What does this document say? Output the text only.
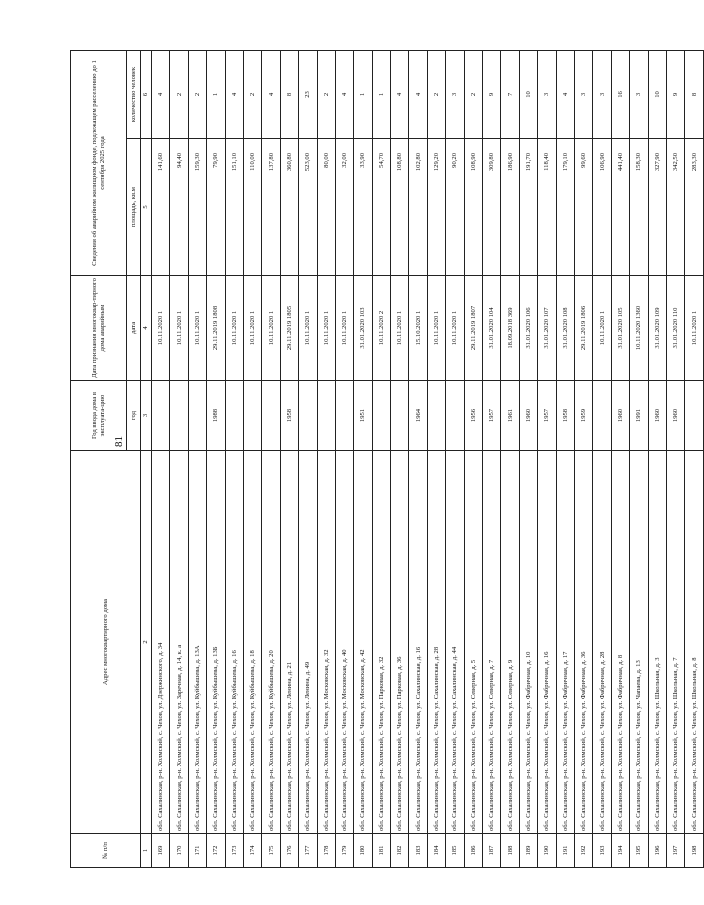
81
№ п/п	Адрес многоквартирного дома	Год ввода дома в эксплуата-цию	Дата признания многоквар-тирного дома аварийным	Сведения об аварийном жилищном фонде, подлежащем расселению до 1 сентября 2025 года	
		год	дата	площадь, кв.м	количество человек
1	2	3	4	5	6
169	обл. Сахалинская, р-н. Холмский, с. Чехов, ул. Дзержинского, д. 34		10.11.2020 1	141,60	4
170	обл. Сахалинская, р-н. Холмский, с. Чехов, ул. Заречная, д. 14, к. а		10.11.2020 1	94,40	2
171	обл. Сахалинская, р-н. Холмский, с. Чехов, ул. Куйбышева, д. 13А		10.11.2020 1	159,30	2
172	обл. Сахалинская, р-н. Холмский, с. Чехов, ул. Куйбышева, д. 13Б	1988	29.11.2019 1808	79,90	1
173	обл. Сахалинская, р-н. Холмский, с. Чехов, ул. Куйбышева, д. 16		10.11.2020 1	151,10	4
174	обл. Сахалинская, р-н. Холмский, с. Чехов, ул. Куйбышева, д. 18		10.11.2020 1	110,00	2
175	обл. Сахалинская, р-н. Холмский, с. Чехов, ул. Куйбышева, д. 20		10.11.2020 1	137,80	4
176	обл. Сахалинская, р-н. Холмский, с. Чехов, ул. Ленина, д. 21	1958	29.11.2019 1805	360,80	8
177	обл. Сахалинская, р-н. Холмский, с. Чехов, ул. Ленина, д. 49		10.11.2020 1	523,00	23
178	обл. Сахалинская, р-н. Холмский, с. Чехов, ул. Московская, д. 32		10.11.2020 1	80,00	2
179	обл. Сахалинская, р-н. Холмский, с. Чехов, ул. Московская, д. 40		10.11.2020 1	32,00	4
180	обл. Сахалинская, р-н. Холмский, с. Чехов, ул. Московская, д. 42	1951	31.01.2020 103	33,90	1
181	обл. Сахалинская, р-н. Холмский, с. Чехов, ул. Парковая, д. 32		10.11.2020 2	54,70	1
182	обл. Сахалинская, р-н. Холмский, с. Чехов, ул. Парковая, д. 36		10.11.2020 1	108,80	4
183	обл. Сахалинская, р-н. Холмский, с. Чехов, ул. Сахалинская, д. 16	1964	15.10.2020 1	102,80	4
184	обл. Сахалинская, р-н. Холмский, с. Чехов, ул. Сахалинская, д. 28		10.11.2020 1	129,20	2
185	обл. Сахалинская, р-н. Холмский, с. Чехов, ул. Сахалинская, д. 44		10.11.2020 1	90,20	3
186	обл. Сахалинская, р-н. Холмский, с. Чехов, ул. Северная, д. 5	1956	29.11.2019 1807	108,90	2
187	обл. Сахалинская, р-н. Холмский, с. Чехов, ул. Северная, д. 7	1957	31.01.2020 104	309,80	9
188	обл. Сахалинская, р-н. Холмский, с. Чехов, ул. Северная, д. 9	1961	18.09.2018 369	186,90	7
189	обл. Сахалинская, р-н. Холмский, с. Чехов, ул. Фабричная, д. 10	1960	31.01.2020 106	191,70	10
190	обл. Сахалинская, р-н. Холмский, с. Чехов, ул. Фабричная, д. 16	1957	31.01.2020 107	118,40	3
191	обл. Сахалинская, р-н. Холмский, с. Чехов, ул. Фабричная, д. 17	1958	31.01.2020 108	179,10	4
192	обл. Сахалинская, р-н. Холмский, с. Чехов, ул. Фабричная, д. 36	1959	29.11.2019 1806	99,60	3
193	обл. Сахалинская, р-н. Холмский, с. Чехов, ул. Фабричная, д. 28		10.11.2020 1	106,90	3
194	обл. Сахалинская, р-н. Холмский, с. Чехов, ул. Фабричная, д. 8	1960	31.01.2020 105	441,40	16
195	обл. Сахалинская, р-н. Холмский, с. Чехов, ул. Чапаева, д. 13	1991	10.11.2020 1360	158,30	3
196	обл. Сахалинская, р-н. Холмский, с. Чехов, ул. Школьная, д. 3	1960	31.01.2020 109	327,90	10
197	обл. Сахалинская, р-н. Холмский, с. Чехов, ул. Школьная, д. 7	1960	31.01.2020 110	342,50	9
198	обл. Сахалинская, р-н. Холмский, с. Чехов, ул. Школьная, д. 8		10.11.2020 1	283,30	8
